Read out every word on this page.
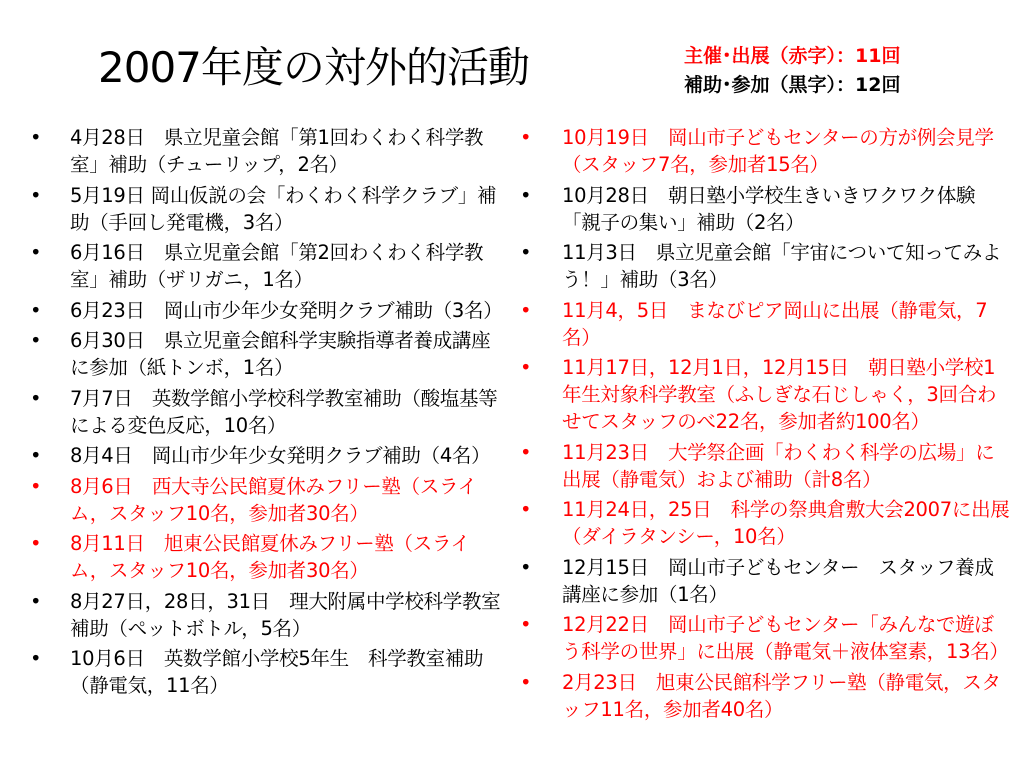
2007年度の対外的活動	主催･出展（赤字）：11回
補助･参加（黒字）：12回
•	4月28日　県立児童会館「第1回わくわく科学教室」補助（チューリップ，2名）
•	5月19日 岡山仮説の会「わくわく科学クラブ」補助（手回し発電機，3名）
•	6月16日　県立児童会館「第2回わくわく科学教室」補助（ザリガニ，1名）
•	6月23日　岡山市少年少女発明クラブ補助（3名）
•	6月30日　県立児童会館科学実験指導者養成講座に参加（紙トンボ，1名）
•	7月7日　英数学館小学校科学教室補助（酸塩基等による変色反応，10名）
•	8月4日　岡山市少年少女発明クラブ補助（4名）
•	8月6日　西大寺公民館夏休みフリー塾（スライム，スタッフ10名，参加者30名）
•	8月11日　旭東公民館夏休みフリー塾（スライム，スタッフ10名，参加者30名）
•	8月27日，28日，31日　理大附属中学校科学教室補助（ペットボトル，5名）
•	10月6日　英数学館小学校5年生　科学教室補助（静電気，11名）
•	10月19日　岡山市子どもセンターの方が例会見学（スタッフ7名，参加者15名）
•	10月28日　朝日塾小学校生きいきワクワク体験「親子の集い」補助（2名）
•	11月3日　県立児童会館「宇宙について知ってみよう！」補助（3名）
•	11月4，5日　まなびピア岡山に出展（静電気，7名）
•	11月17日，12月1日，12月15日　朝日塾小学校1年生対象科学教室（ふしぎな石じしゃく，3回合わせてスタッフのべ22名，参加者約100名）
•	11月23日　大学祭企画「わくわく科学の広場」に出展（静電気）および補助（計8名）
•	11月24日，25日　科学の祭典倉敷大会2007に出展（ダイラタンシー，10名）
•	12月15日　岡山市子どもセンター　スタッフ養成講座に参加（1名）
•	12月22日　岡山市子どもセンター「みんなで遊ぼう科学の世界」に出展（静電気＋液体窒素，13名）
•	2月23日　旭東公民館科学フリー塾（静電気，スタッフ11名，参加者40名）
